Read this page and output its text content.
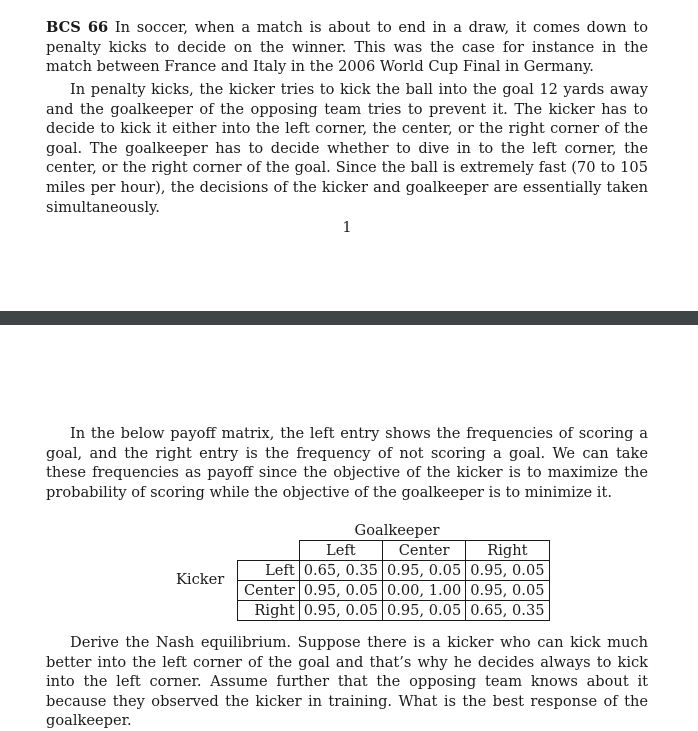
BCS 66 In soccer, when a match is about to end in a draw, it comes down to penalty kicks to decide on the winner. This was the case for instance in the match between France and Italy in the 2006 World Cup Final in Germany.

In penalty kicks, the kicker tries to kick the ball into the goal 12 yards away and the goalkeeper of the opposing team tries to prevent it. The kicker has to decide to kick it either into the left corner, the center, or the right corner of the goal. The goalkeeper has to decide whether to dive in to the left corner, the center, or the right corner of the goal. Since the ball is extremely fast (70 to 105 miles per hour), the decisions of the kicker and goalkeeper are essentially taken simultaneously.

1

In the below payoff matrix, the left entry shows the frequencies of scoring a goal, and the right entry is the frequency of not scoring a goal. We can take these frequencies as payoff since the objective of the kicker is to maximize the probability of scoring while the objective of the goalkeeper is to minimize it.

Goalkeeper
Kicker
	Left	Center	Right
Left	0.65, 0.35	0.95, 0.05	0.95, 0.05
Center	0.95, 0.05	0.00, 1.00	0.95, 0.05
Right	0.95, 0.05	0.95, 0.05	0.65, 0.35

Derive the Nash equilibrium. Suppose there is a kicker who can kick much better into the left corner of the goal and that’s why he decides always to kick into the left corner. Assume further that the opposing team knows about it because they observed the kicker in training. What is the best response of the goalkeeper.
